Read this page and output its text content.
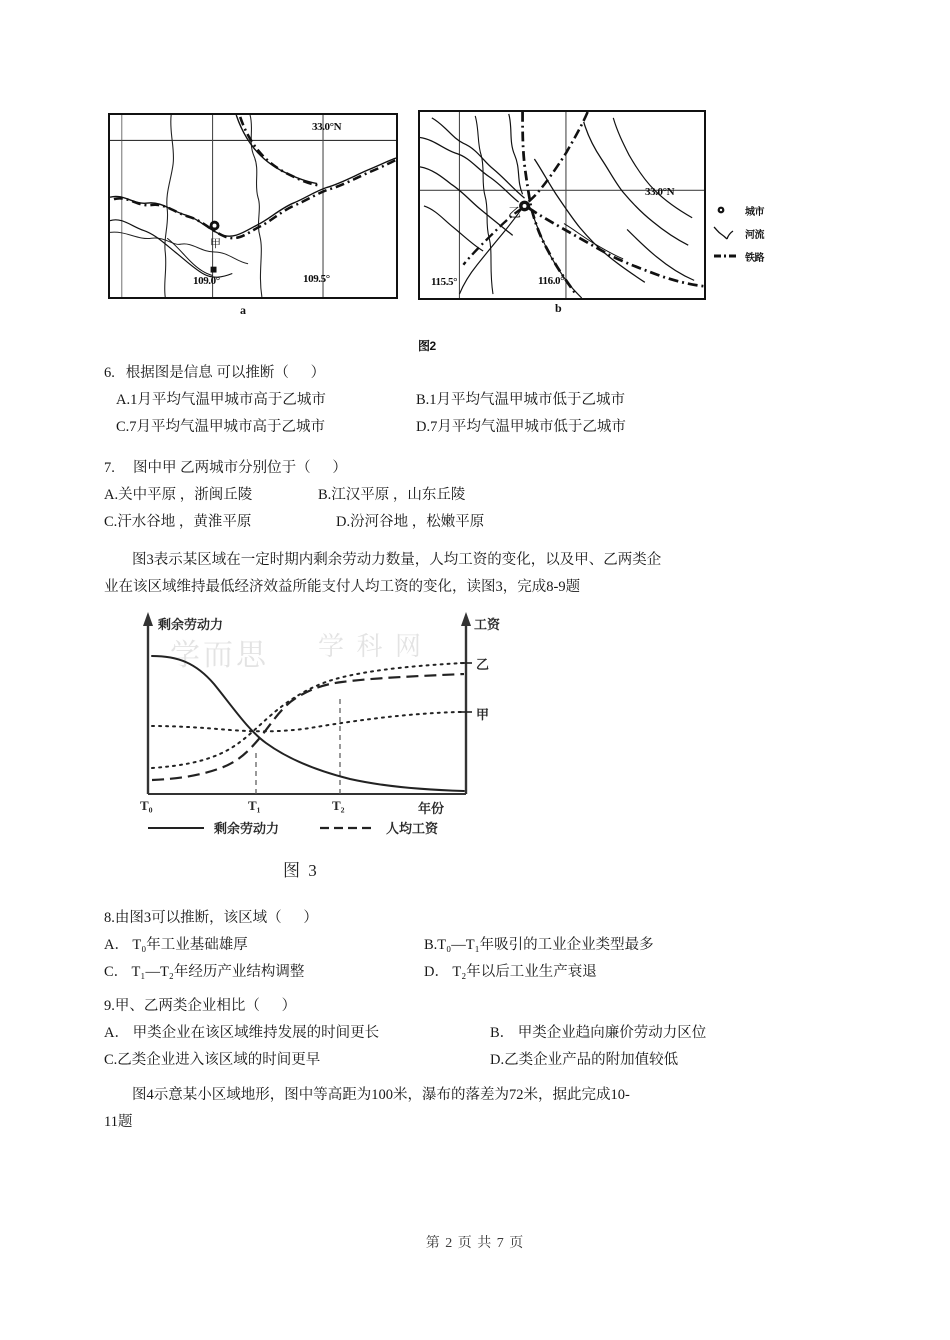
甲
33.0°N
109.0°	109.5°
a
乙
33.0°N
115.5°	116.0°
b
城市
河流
铁路
图2
6.   根据图是信息 可以推断（      ）
A.1月平均气温甲城市高于乙城市	B.1月平均气温甲城市低于乙城市
C.7月平均气温甲城市高于乙城市	D.7月平均气温甲城市低于乙城市
7.     图中甲 乙两城市分别位于（      ）
A.关中平原 ，浙闽丘陵	B.江汉平原 ，山东丘陵
C.汗水谷地 ，黄淮平原	D.汾河谷地 ，松嫩平原
图3表示某区域在一定时期内剩余劳动力数量，人均工资的变化，以及甲、乙两类企
业在该区域维持最低经济效益所能支付人均工资的变化，读图3，完成8-9题
学而思 学 科 网
剩余劳动力	工资
年份
T₀	T₁	T₂
乙
甲
剩余劳动力	人均工资
图 3
8.由图3可以推断，该区域（      ）
A． T₀年工业基础雄厚	B.T₀—T₁年吸引的工业企业类型最多
C． T₁—T₂年经历产业结构调整	D． T₂年以后工业生产衰退
9.甲、乙两类企业相比（      ）
A． 甲类企业在该区域维持发展的时间更长	B． 甲类企业趋向廉价劳动力区位
C.乙类企业进入该区域的时间更早	D.乙类企业产品的附加值较低
图4示意某小区域地形，图中等高距为100米，瀑布的落差为72米，据此完成10-
11题
第 2 页 共 7 页
